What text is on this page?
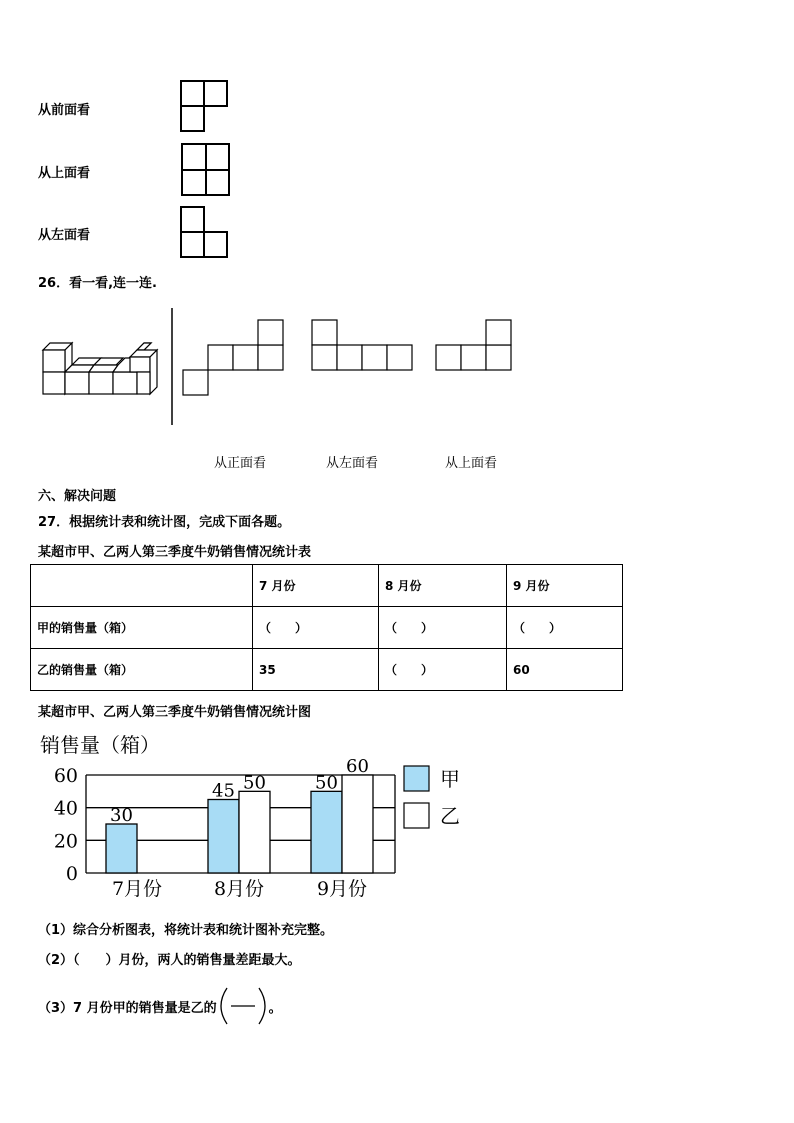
从前面看
从上面看
从左面看
26．看一看,连一连.
从正面看	从左面看	从上面看
六、解决问题
27．根据统计表和统计图，完成下面各题。
某超市甲、乙两人第三季度牛奶销售情况统计表
	7 月份	8 月份	9 月份
甲的销售量（箱）	（　　）	（　　）	（　　）
乙的销售量（箱）	35	（　　）	60
某超市甲、乙两人第三季度牛奶销售情况统计图
销售量（箱）
0
20
40
60
30
45 50	50
60
7月份	8月份	9月份
甲
乙
（1）综合分析图表，将统计表和统计图补充完整。
（2）（　　）月份，两人的销售量差距最大。
（3）7 月份甲的销售量是乙的	。
